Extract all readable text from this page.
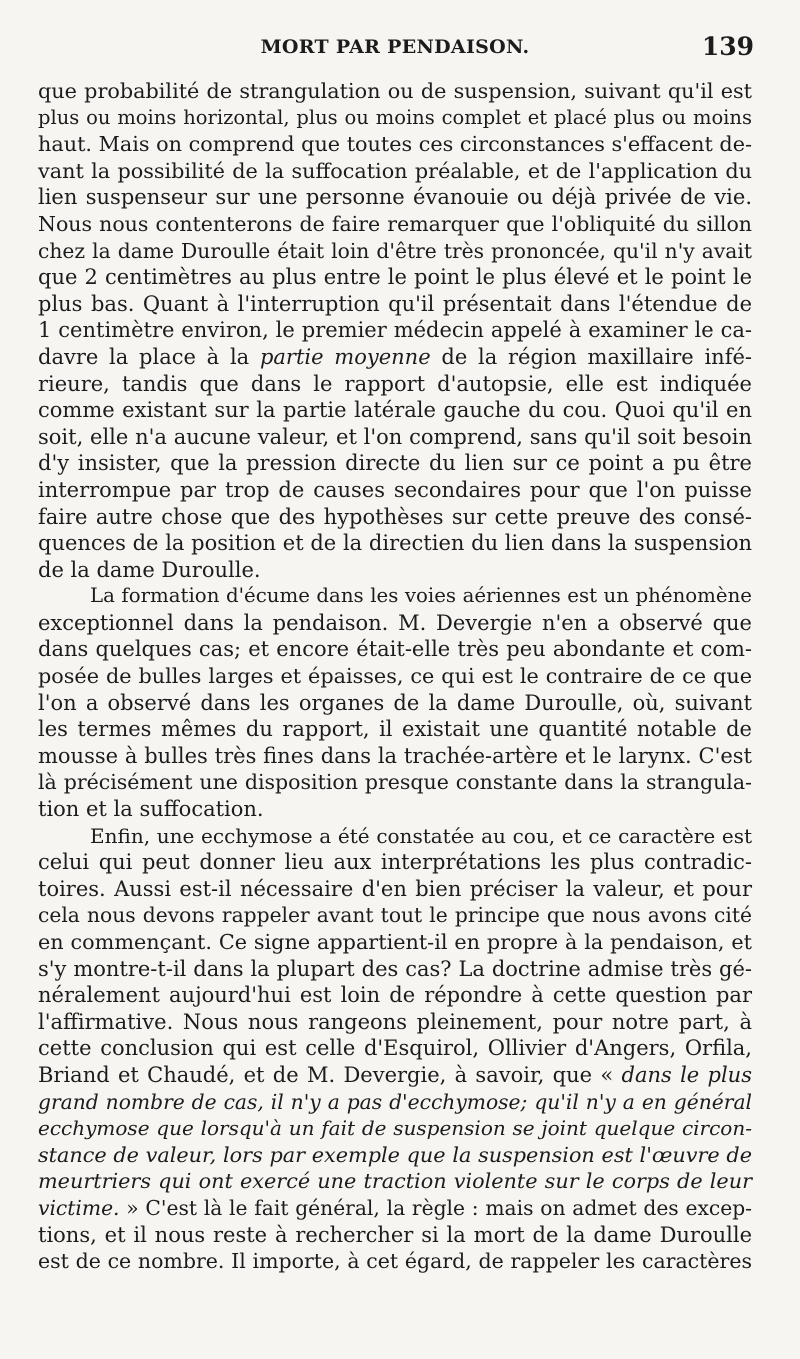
MORT PAR PENDAISON.	139
que probabilité de strangulation ou de suspension, suivant qu'il est
plus ou moins horizontal, plus ou moins complet et placé plus ou moins
haut. Mais on comprend que toutes ces circonstances s'effacent de-
vant la possibilité de la suffocation préalable, et de l'application du
lien suspenseur sur une personne évanouie ou déjà privée de vie.
Nous nous contenterons de faire remarquer que l'obliquité du sillon
chez la dame Duroulle était loin d'être très prononcée, qu'il n'y avait
que 2 centimètres au plus entre le point le plus élevé et le point le
plus bas. Quant à l'interruption qu'il présentait dans l'étendue de
1 centimètre environ, le premier médecin appelé à examiner le ca-
davre la place à la partie moyenne de la région maxillaire infé-
rieure, tandis que dans le rapport d'autopsie, elle est indiquée
comme existant sur la partie latérale gauche du cou. Quoi qu'il en
soit, elle n'a aucune valeur, et l'on comprend, sans qu'il soit besoin
d'y insister, que la pression directe du lien sur ce point a pu être
interrompue par trop de causes secondaires pour que l'on puisse
faire autre chose que des hypothèses sur cette preuve des consé-
quences de la position et de la directien du lien dans la suspension
de la dame Duroulle.
La formation d'écume dans les voies aériennes est un phénomène
exceptionnel dans la pendaison. M. Devergie n'en a observé que
dans quelques cas; et encore était-elle très peu abondante et com-
posée de bulles larges et épaisses, ce qui est le contraire de ce que
l'on a observé dans les organes de la dame Duroulle, où, suivant
les termes mêmes du rapport, il existait une quantité notable de
mousse à bulles très fines dans la trachée-artère et le larynx. C'est
là précisément une disposition presque constante dans la strangula-
tion et la suffocation.
Enfin, une ecchymose a été constatée au cou, et ce caractère est
celui qui peut donner lieu aux interprétations les plus contradic-
toires. Aussi est-il nécessaire d'en bien préciser la valeur, et pour
cela nous devons rappeler avant tout le principe que nous avons cité
en commençant. Ce signe appartient-il en propre à la pendaison, et
s'y montre-t-il dans la plupart des cas? La doctrine admise très gé-
néralement aujourd'hui est loin de répondre à cette question par
l'affirmative. Nous nous rangeons pleinement, pour notre part, à
cette conclusion qui est celle d'Esquirol, Ollivier d'Angers, Orfila,
Briand et Chaudé, et de M. Devergie, à savoir, que « dans le plus
grand nombre de cas, il n'y a pas d'ecchymose; qu'il n'y a en général
ecchymose que lorsqu'à un fait de suspension se joint quelque circon-
stance de valeur, lors par exemple que la suspension est l'œuvre de
meurtriers qui ont exercé une traction violente sur le corps de leur
victime. » C'est là le fait général, la règle : mais on admet des excep-
tions, et il nous reste à rechercher si la mort de la dame Duroulle
est de ce nombre. Il importe, à cet égard, de rappeler les caractères
